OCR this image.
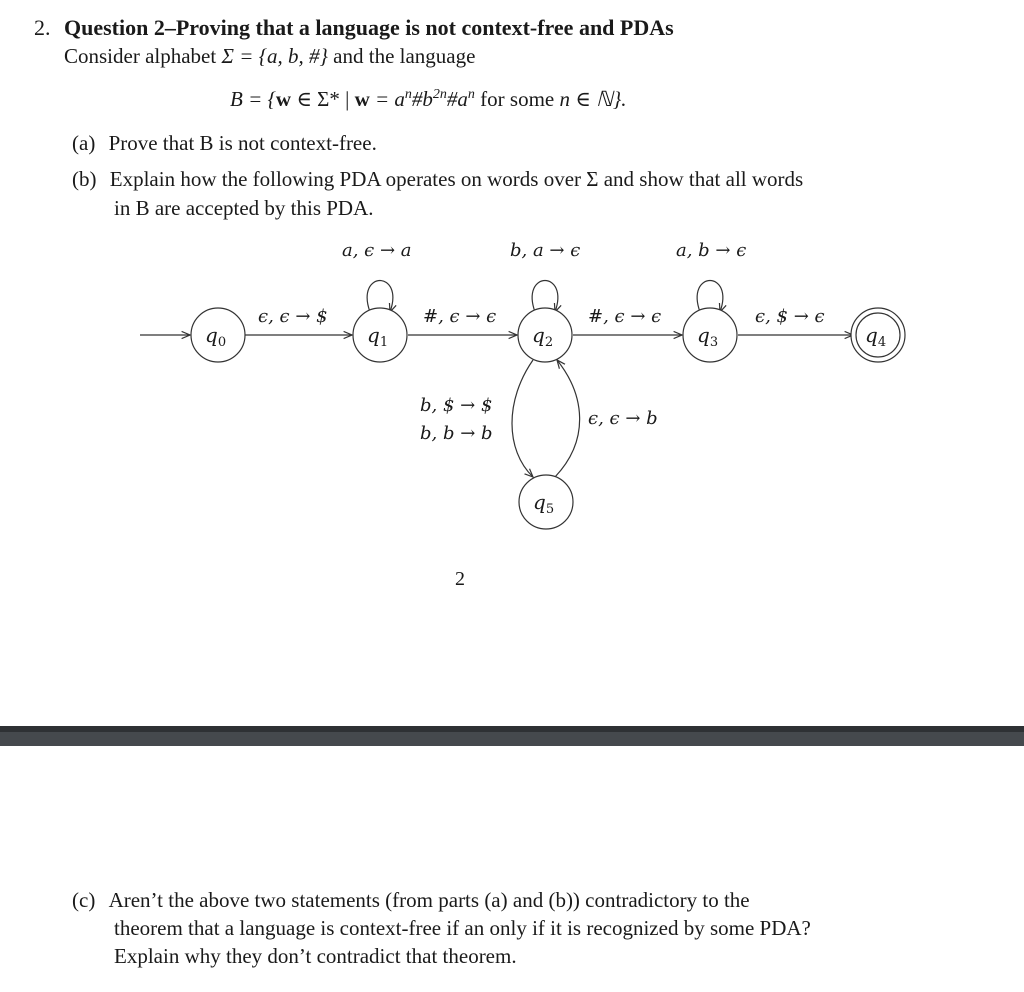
2. Question 2–Proving that a language is not context-free and PDAs
Consider alphabet Σ = {a, b, #} and the language
B = {w ∈ Σ* | $w = a^n\#b^{2n}\#a^n$ for some n ∈ ℕ}.
(a) Prove that B is not context-free.
(b) Explain how the following PDA operates on words over Σ and show that all words
in B are accepted by this PDA.
$q_0$	$q_1$	$q_2$	$q_3$	$q_4$
$q_5$
ϵ, ϵ → $
a, ϵ → a
#, ϵ → ϵ
b, a → ϵ
#, ϵ → ϵ
a, b → ϵ
ϵ, $ → ϵ
b, $ → $
b, b → b
ϵ, ϵ → b
2
(c) Aren’t the above two statements (from parts (a) and (b)) contradictory to the
theorem that a language is context-free if an only if it is recognized by some PDA?
Explain why they don’t contradict that theorem.
